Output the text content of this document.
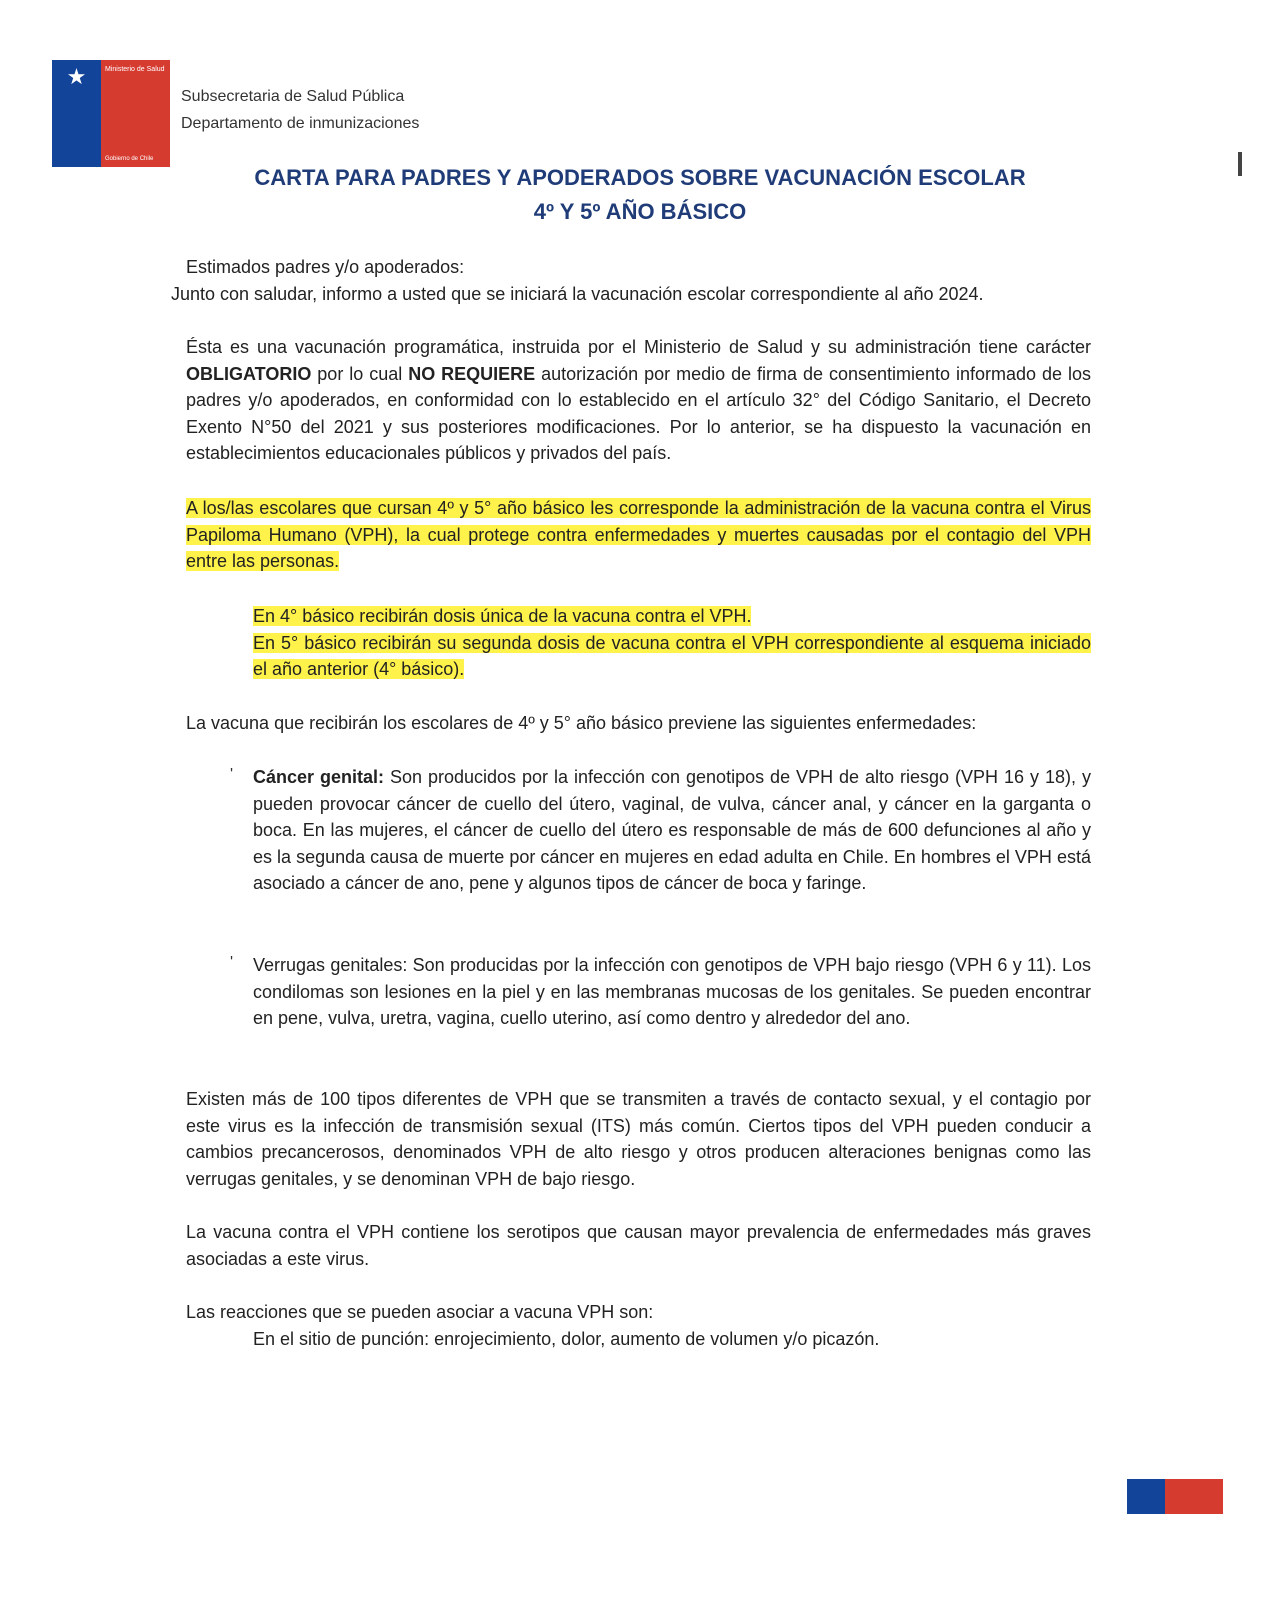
★	Ministerio de Salud
Gobierno de Chile
Subsecretaria de Salud Pública
Departamento de inmunizaciones
CARTA PARA PADRES Y APODERADOS SOBRE VACUNACIÓN ESCOLAR
4º Y 5º AÑO BÁSICO
Estimados padres y/o apoderados:
Junto con saludar, informo a usted que se iniciará la vacunación escolar correspondiente al año 2024.
Ésta es una vacunación programática, instruida por el Ministerio de Salud y su administración tiene carácter OBLIGATORIO por lo cual NO REQUIERE autorización por medio de firma de consentimiento informado de los padres y/o apoderados, en conformidad con lo establecido en el artículo 32° del Código Sanitario, el Decreto Exento N°50 del 2021 y sus posteriores modificaciones. Por lo anterior, se ha dispuesto la vacunación en establecimientos educacionales públicos y privados del país.
A los/las escolares que cursan 4º y 5° año básico les corresponde la administración de la vacuna contra el Virus Papiloma Humano (VPH), la cual protege contra enfermedades y muertes causadas por el contagio del VPH entre las personas.
En 4° básico recibirán dosis única de la vacuna contra el VPH.
En 5° básico recibirán su segunda dosis de vacuna contra el VPH correspondiente al esquema iniciado el año anterior (4° básico).
La vacuna que recibirán los escolares de 4º y 5° año básico previene las siguientes enfermedades:
' Cáncer genital: Son producidos por la infección con genotipos de VPH de alto riesgo (VPH 16 y 18), y pueden provocar cáncer de cuello del útero, vaginal, de vulva, cáncer anal, y cáncer en la garganta o boca. En las mujeres, el cáncer de cuello del útero es responsable de más de 600 defunciones al año y es la segunda causa de muerte por cáncer en mujeres en edad adulta en Chile. En hombres el VPH está asociado a cáncer de ano, pene y algunos tipos de cáncer de boca y faringe.
' Verrugas genitales: Son producidas por la infección con genotipos de VPH bajo riesgo (VPH 6 y 11). Los condilomas son lesiones en la piel y en las membranas mucosas de los genitales. Se pueden encontrar en pene, vulva, uretra, vagina, cuello uterino, así como dentro y alrededor del ano.
Existen más de 100 tipos diferentes de VPH que se transmiten a través de contacto sexual, y el contagio por este virus es la infección de transmisión sexual (ITS) más común. Ciertos tipos del VPH pueden conducir a cambios precancerosos, denominados VPH de alto riesgo y otros producen alteraciones benignas como las verrugas genitales, y se denominan VPH de bajo riesgo.
La vacuna contra el VPH contiene los serotipos que causan mayor prevalencia de enfermedades más graves asociadas a este virus.
Las reacciones que se pueden asociar a vacuna VPH son:
En el sitio de punción: enrojecimiento, dolor, aumento de volumen y/o picazón.
